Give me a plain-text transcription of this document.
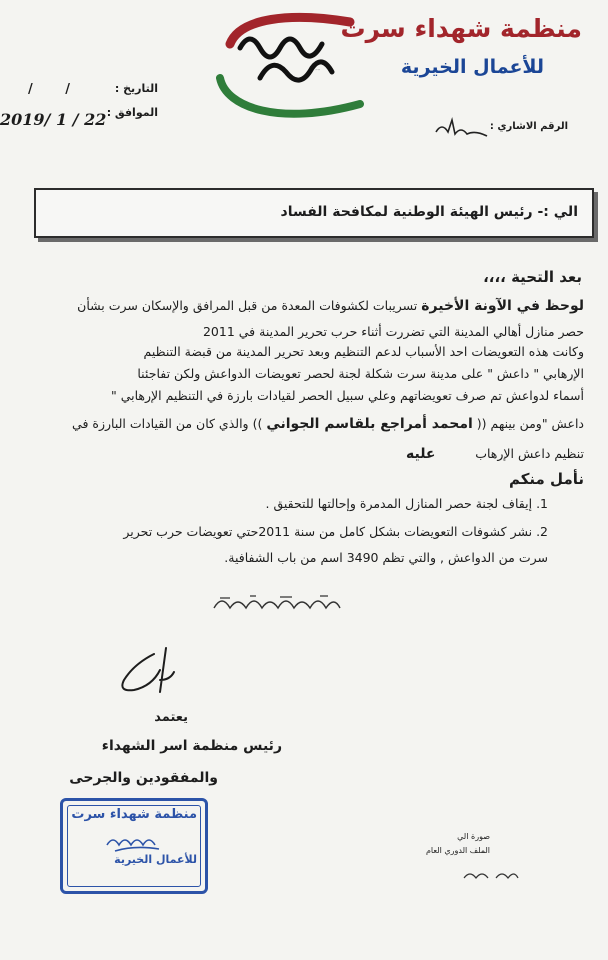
منظمة شهداء سرت
للأعمال الخيرية
شهداء سرت
التاريخ :
/ /
الموافق :
2019/ 1 / 22	الرقم الاشاري :
الي :- رئيس الهيئة الوطنية لمكافحة الفساد
بعد التحية ،،،،
لوحظ في الآونة الأخيرة تسريبات لكشوفات المعدة من قبل المرافق والإسكان سرت بشأن
حصر منازل أهالي المدينة التي تضررت أثناء حرب تحرير المدينة في 2011
وكانت هذه التعويضات احد الأسباب لدعم التنظيم وبعد تحرير المدينة من قبضة التنظيم
الإرهابي " داعش " على مدينة سرت شكلة لجنة لحصر تعويضات الدواعش ولكن تفاجئنا
أسماء لدواعش تم صرف تعويضاتهم وعلي سبيل الحصر لقيادات بارزة في التنظيم الإرهابي "
داعش "ومن بينهم (( امحمد أمراجع بلقاسم الجواني )) والذي كان من القيادات البارزة في
تنظيم داعش الإرهاب          عليه
نأمل منكم
1. إيقاف لجنة حصر المنازل المدمرة وإحالتها للتحقيق .
2. نشر كشوفات التعويضات بشكل كامل من سنة 2011حتي تعويضات حرب تحرير
سرت من الدواعش , والتي تظم 3490 اسم من باب الشفافية.
يعتمد
رئيس منظمة اسر الشهداء
والمفقودين والجرحى
منظمة شهداء سرت
للأعمال الخيرية
صورة الي
الملف الدوري العام
